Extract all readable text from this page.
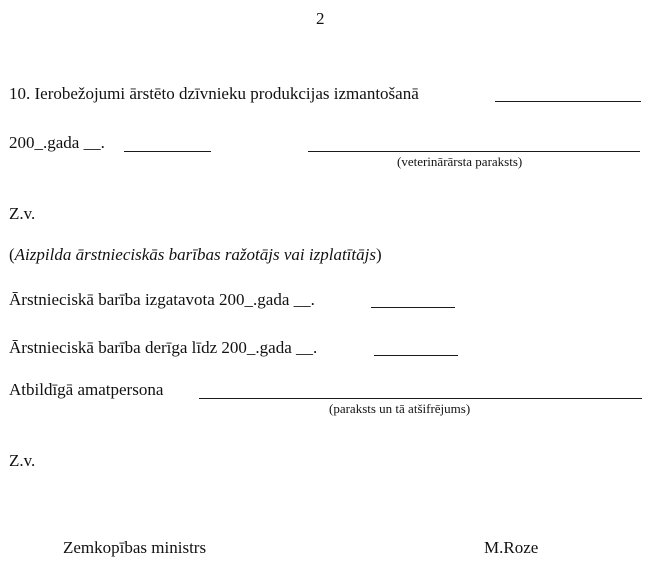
2
10. Ierobežojumi ārstēto dzīvnieku produkcijas izmantošanā
200_.gada __.
(veterinārārsta paraksts)
Z.v.
(Aizpilda ārstnieciskās barības ražotājs vai izplatītājs)
Ārstnieciskā barība izgatavota 200_.gada __.
Ārstnieciskā barība derīga līdz 200_.gada __.
Atbildīgā amatpersona
(paraksts un tā atšifrējums)
Z.v.
Zemkopības ministrs	M.Roze
